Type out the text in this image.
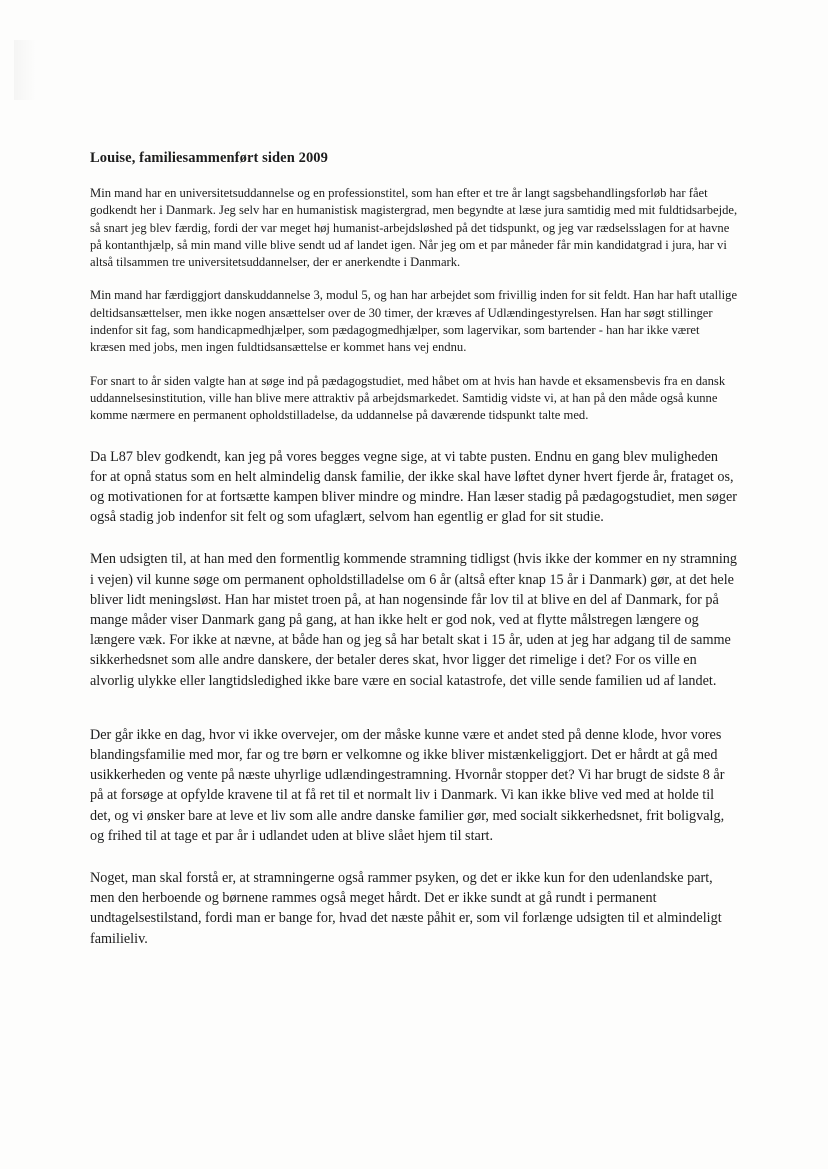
Louise, familiesammenført siden 2009

Min mand har en universitetsuddannelse og en professionstitel, som han efter et tre år langt sagsbehandlingsforløb har fået godkendt her i Danmark. Jeg selv har en humanistisk magistergrad, men begyndte at læse jura samtidig med mit fuldtidsarbejde, så snart jeg blev færdig, fordi der var meget høj humanist-arbejdsløshed på det tidspunkt, og jeg var rædselsslagen for at havne på kontanthjælp, så min mand ville blive sendt ud af landet igen. Når jeg om et par måneder får min kandidatgrad i jura, har vi altså tilsammen tre universitetsuddannelser, der er anerkendte i Danmark.

Min mand har færdiggjort danskuddannelse 3, modul 5, og han har arbejdet som frivillig inden for sit feldt. Han har haft utallige deltidsansættelser, men ikke nogen ansættelser over de 30 timer, der kræves af Udlændingestyrelsen. Han har søgt stillinger indenfor sit fag, som handicapmedhjælper, som pædagogmedhjælper, som lagervikar, som bartender - han har ikke været kræsen med jobs, men ingen fuldtidsansættelse er kommet hans vej endnu.

For snart to år siden valgte han at søge ind på pædagogstudiet, med håbet om at hvis han havde et eksamensbevis fra en dansk uddannelsesinstitution, ville han blive mere attraktiv på arbejdsmarkedet. Samtidig vidste vi, at han på den måde også kunne komme nærmere en permanent opholdstilladelse, da uddannelse på daværende tidspunkt talte med.

Da L87 blev godkendt, kan jeg på vores begges vegne sige, at vi tabte pusten. Endnu en gang blev muligheden for at opnå status som en helt almindelig dansk familie, der ikke skal have løftet dyner hvert fjerde år, frataget os, og motivationen for at fortsætte kampen bliver mindre og mindre. Han læser stadig på pædagogstudiet, men søger også stadig job indenfor sit felt og som ufaglært, selvom han egentlig er glad for sit studie.

Men udsigten til, at han med den formentlig kommende stramning tidligst (hvis ikke der kommer en ny stramning i vejen) vil kunne søge om permanent opholdstilladelse om 6 år (altså efter knap 15 år i Danmark) gør, at det hele bliver lidt meningsløst. Han har mistet troen på, at han nogensinde får lov til at blive en del af Danmark, for på mange måder viser Danmark gang på gang, at han ikke helt er god nok, ved at flytte målstregen længere og længere væk. For ikke at nævne, at både han og jeg så har betalt skat i 15 år, uden at jeg har adgang til de samme sikkerhedsnet som alle andre danskere, der betaler deres skat, hvor ligger det rimelige i det? For os ville en alvorlig ulykke eller langtidsledighed ikke bare være en social katastrofe, det ville sende familien ud af landet.

Der går ikke en dag, hvor vi ikke overvejer, om der måske kunne være et andet sted på denne klode, hvor vores blandingsfamilie med mor, far og tre børn er velkomne og ikke bliver mistænkeliggjort. Det er hårdt at gå med usikkerheden og vente på næste uhyrlige udlændingestramning. Hvornår stopper det? Vi har brugt de sidste 8 år på at forsøge at opfylde kravene til at få ret til et normalt liv i Danmark. Vi kan ikke blive ved med at holde til det, og vi ønsker bare at leve et liv som alle andre danske familier gør, med socialt sikkerhedsnet, frit boligvalg, og frihed til at tage et par år i udlandet uden at blive slået hjem til start.

Noget, man skal forstå er, at stramningerne også rammer psyken, og det er ikke kun for den udenlandske part, men den herboende og børnene rammes også meget hårdt. Det er ikke sundt at gå rundt i permanent undtagelsestilstand, fordi man er bange for, hvad det næste påhit er, som vil forlænge udsigten til et almindeligt familieliv.
